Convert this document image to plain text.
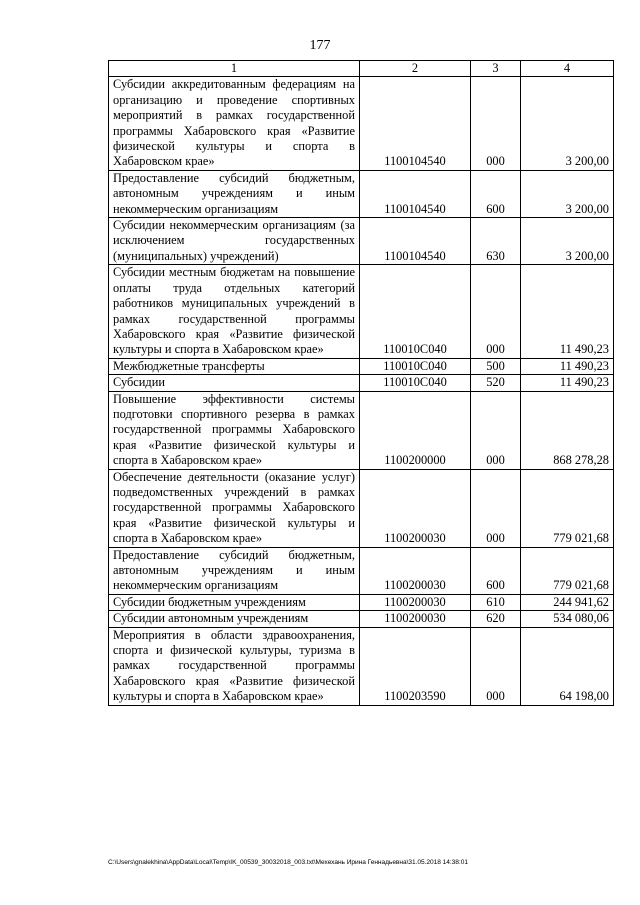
177
1	2	3	4
Субсидии аккредитованным федерациям на организацию и проведение спортивных мероприятий в рамках государственной программы Хабаровского края «Развитие физической культуры и спорта в Хабаровском крае»	1100104540	000	3 200,00
Предоставление субсидий бюджетным, автономным учреждениям и иным некоммерческим организациям	1100104540	600	3 200,00
Субсидии некоммерческим организациям (за исключением государственных (муниципальных) учреждений)	1100104540	630	3 200,00
Субсидии местным бюджетам на повышение оплаты труда отдельных категорий работников муниципальных учреждений в рамках государственной программы Хабаровского края «Развитие физической культуры и спорта в Хабаровском крае»	110010С040	000	11 490,23
Межбюджетные трансферты	110010С040	500	11 490,23
Субсидии	110010С040	520	11 490,23
Повышение эффективности системы подготовки спортивного резерва в рамках государственной программы Хабаровского края «Развитие физической культуры и спорта в Хабаровском крае»	1100200000	000	868 278,28
Обеспечение деятельности (оказание услуг) подведомственных учреждений в рамках государственной программы Хабаровского края «Развитие физической культуры и спорта в Хабаровском крае»	1100200030	000	779 021,68
Предоставление субсидий бюджетным, автономным учреждениям и иным некоммерческим организациям	1100200030	600	779 021,68
Субсидии бюджетным учреждениям	1100200030	610	244 941,62
Субсидии автономным учреждениям	1100200030	620	534 080,06
Мероприятия в области здравоохранения, спорта и физической культуры, туризма в рамках государственной программы Хабаровского края «Развитие физической культуры и спорта в Хабаровском крае»	1100203590	000	64 198,00
C:\Users\gnalekhina\AppData\Local\Temp\IK_00539_30032018_003.txt\Мехехань Ирина Геннадьевна\31.05.2018 14:38:01
